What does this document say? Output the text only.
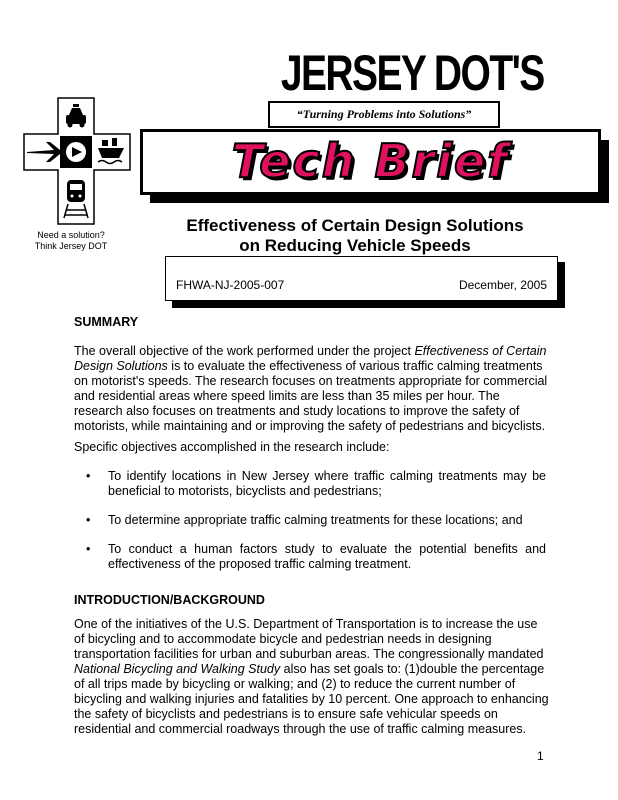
JERSEY DOT'S
“Turning Problems into Solutions”
Tech Brief
Need a solution?
Think Jersey DOT
Effectiveness of Certain Design Solutions
on Reducing Vehicle Speeds
FHWA-NJ-2005-007	December, 2005
SUMMARY

The overall objective of the work performed under the project Effectiveness of Certain Design Solutions is to evaluate the effectiveness of various traffic calming treatments on motorist's speeds. The research focuses on treatments appropriate for commercial and residential areas where speed limits are less than 35 miles per hour. The research also focuses on treatments and study locations to improve the safety of motorists, while maintaining and or improving the safety of pedestrians and bicyclists.

Specific objectives accomplished in the research include:
• To identify locations in New Jersey where traffic calming treatments may be beneficial to motorists, bicyclists and pedestrians;
• To determine appropriate traffic calming treatments for these locations; and
• To conduct a human factors study to evaluate the potential benefits and effectiveness of the proposed traffic calming treatment.
INTRODUCTION/BACKGROUND

One of the initiatives of the U.S. Department of Transportation is to increase the use of bicycling and to accommodate bicycle and pedestrian needs in designing transportation facilities for urban and suburban areas. The congressionally mandated National Bicycling and Walking Study also has set goals to: (1)double the percentage of all trips made by bicycling or walking; and (2) to reduce the current number of bicycling and walking injuries and fatalities by 10 percent. One approach to enhancing the safety of bicyclists and pedestrians is to ensure safe vehicular speeds on residential and commercial roadways through the use of traffic calming measures.

1
